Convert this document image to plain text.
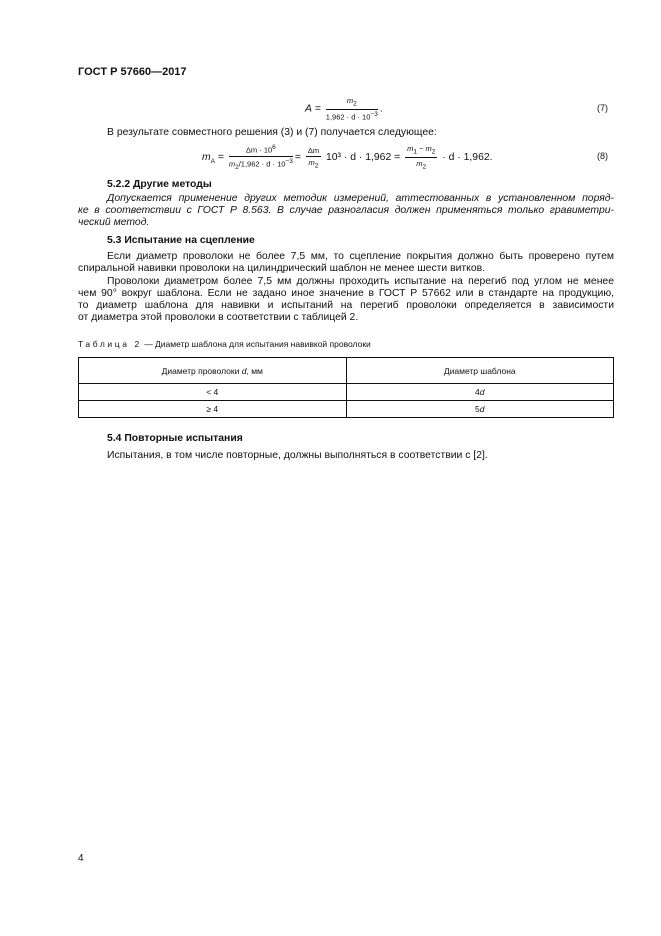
ГОСТ Р 57660—2017
$A = \frac{m_2}{1,962 \cdot d \cdot 10^{-3}}$ .	(7)
В результате совместного решения (3) и (7) получается следующее:
$m_A = \frac{\Delta m \cdot 10^6}{m_2/1,962 \cdot d \cdot 10^{-3}} = \frac{\Delta m}{m_2} 10^3 \cdot d \cdot 1,962 = \frac{m_1 - m_2}{m_2} \cdot d \cdot 1,962$.	(8)
5.2.2 Другие методы
Допускается применение других методик измерений, аттестованных в установленном поряд-
ке в соответствии с ГОСТ Р 8.563. В случае разногласия должен применяться только гравиметри-
ческий метод.
5.3 Испытание на сцепление
Если диаметр проволоки не более 7,5 мм, то сцепление покрытия должно быть проверено путем
спиральной навивки проволоки на цилиндрический шаблон не менее шести витков.
Проволоки диаметром более 7,5 мм должны проходить испытание на перегиб под углом не менее
чем 90° вокруг шаблона. Если не задано иное значение в ГОСТ Р 57662 или в стандарте на продукцию,
то диаметр шаблона для навивки и испытаний на перегиб проволоки определяется в зависимости
от диаметра этой проволоки в соответствии с таблицей 2.
Таблица 2 — Диаметр шаблона для испытания навивкой проволоки
Диаметр проволоки d, мм	Диаметр шаблона
< 4	4d
≥ 4	5d
5.4 Повторные испытания
Испытания, в том числе повторные, должны выполняться в соответствии с [2].
4
